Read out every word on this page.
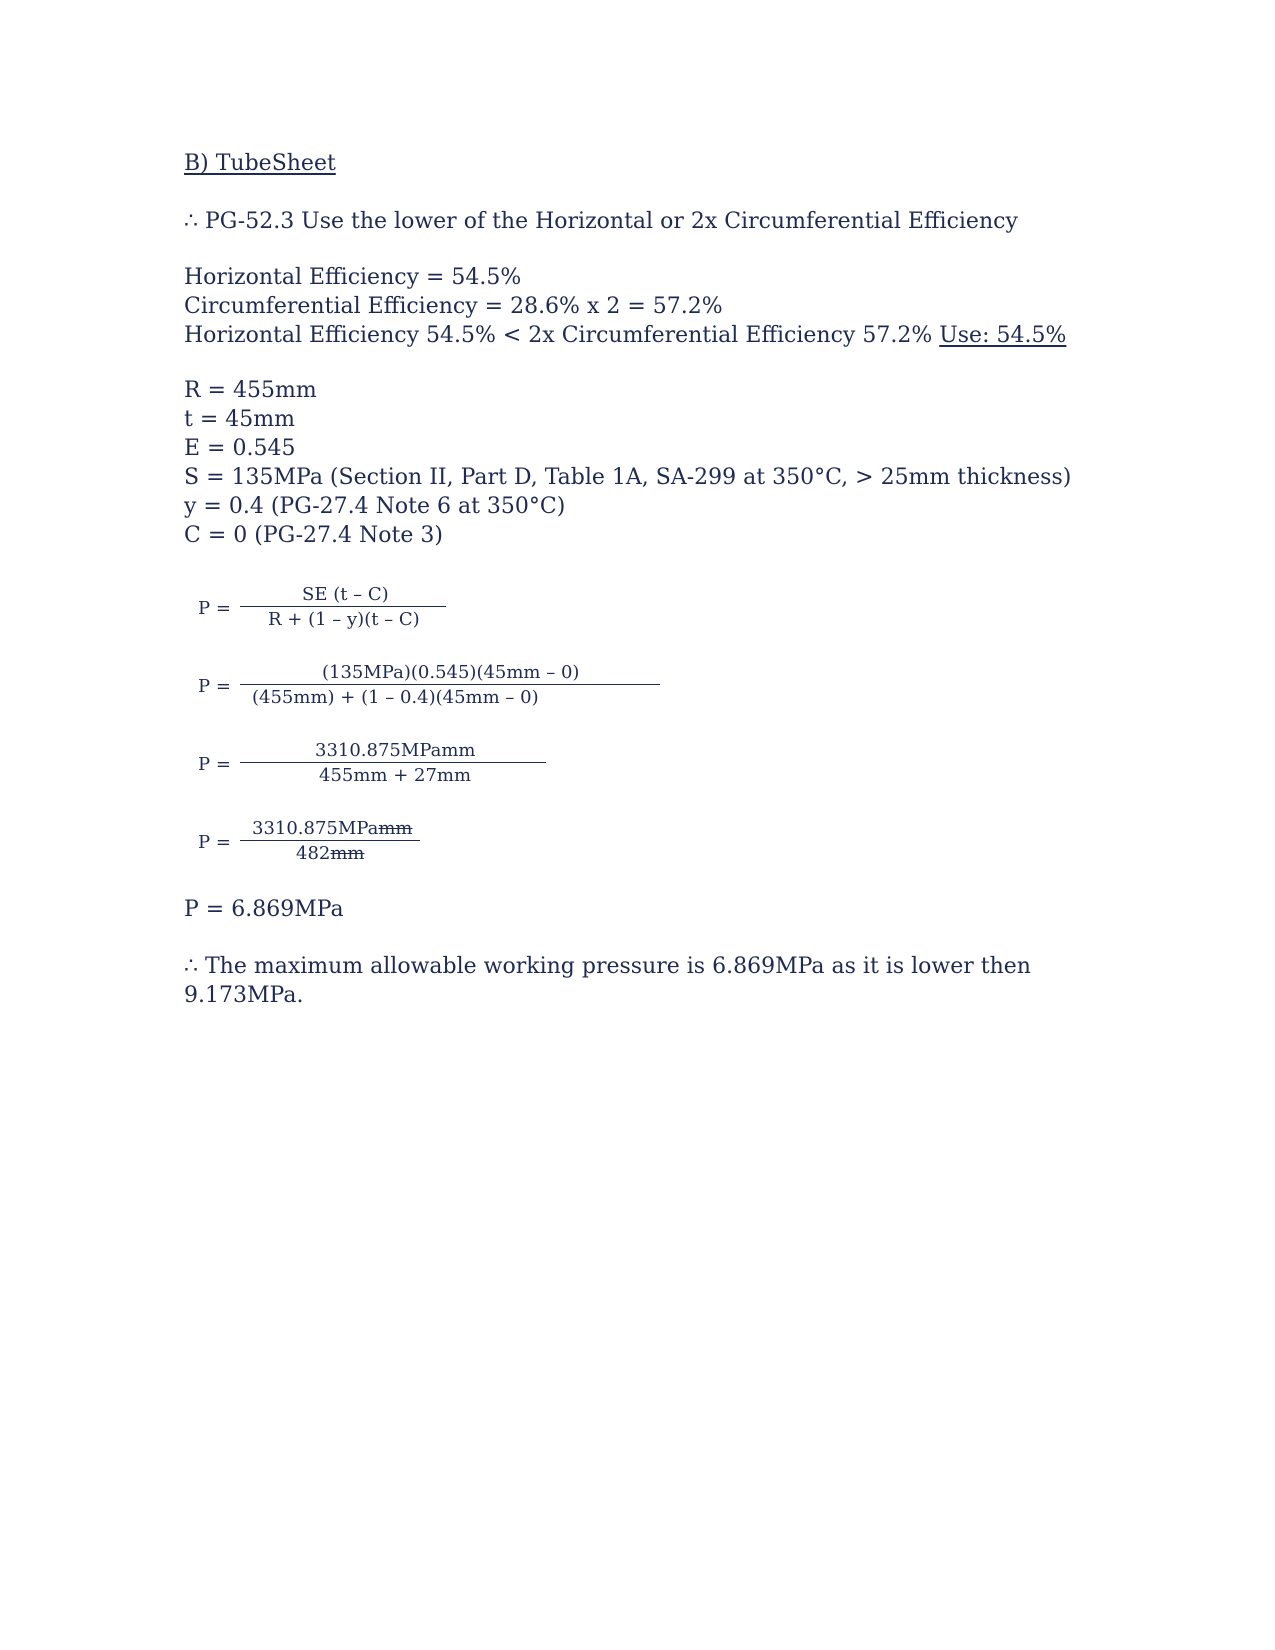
B) TubeSheet
∴ PG-52.3 Use the lower of the Horizontal or 2x Circumferential Efficiency
Horizontal Efficiency = 54.5%
Circumferential Efficiency = 28.6% x 2 = 57.2%
Horizontal Efficiency 54.5% < 2x Circumferential Efficiency 57.2% Use: 54.5%
R = 455mm
t = 45mm
E = 0.545
S = 135MPa (Section II, Part D, Table 1A, SA-299 at 350°C, > 25mm thickness)
y = 0.4 (PG-27.4 Note 6 at 350°C)
C = 0 (PG-27.4 Note 3)
P =
SE (t – C)
R + (1 – y)(t – C)
P =
(135MPa)(0.545)(45mm – 0)
(455mm) + (1 – 0.4)(45mm – 0)
P =
3310.875MPamm
455mm + 27mm
P =
3310.875MPamm
482mm
P = 6.869MPa
∴ The maximum allowable working pressure is 6.869MPa as it is lower then
9.173MPa.
